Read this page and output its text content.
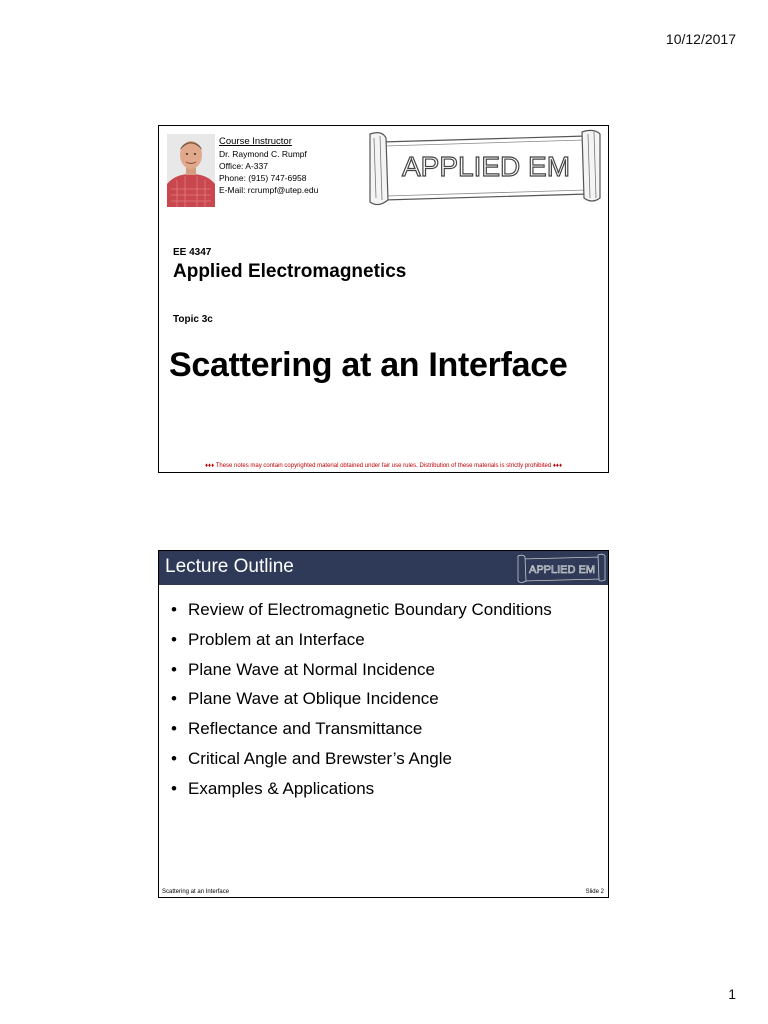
10/12/2017
Course Instructor
Dr. Raymond C. Rumpf
Office: A-337
Phone: (915) 747-6958
E-Mail: rcrumpf@utep.edu
APPLIED EM
EE 4347
Applied Electromagnetics
Topic 3c
Scattering at an Interface
♦♦♦ These notes may contain copyrighted material obtained under fair use rules. Distribution of these materials is strictly prohibited ♦♦♦
Lecture Outline	APPLIED EM
• Review of Electromagnetic Boundary Conditions
• Problem at an Interface
• Plane Wave at Normal Incidence
• Plane Wave at Oblique Incidence
• Reflectance and Transmittance
• Critical Angle and Brewster’s Angle
• Examples & Applications
Scattering at an Interface	Slide 2
1
